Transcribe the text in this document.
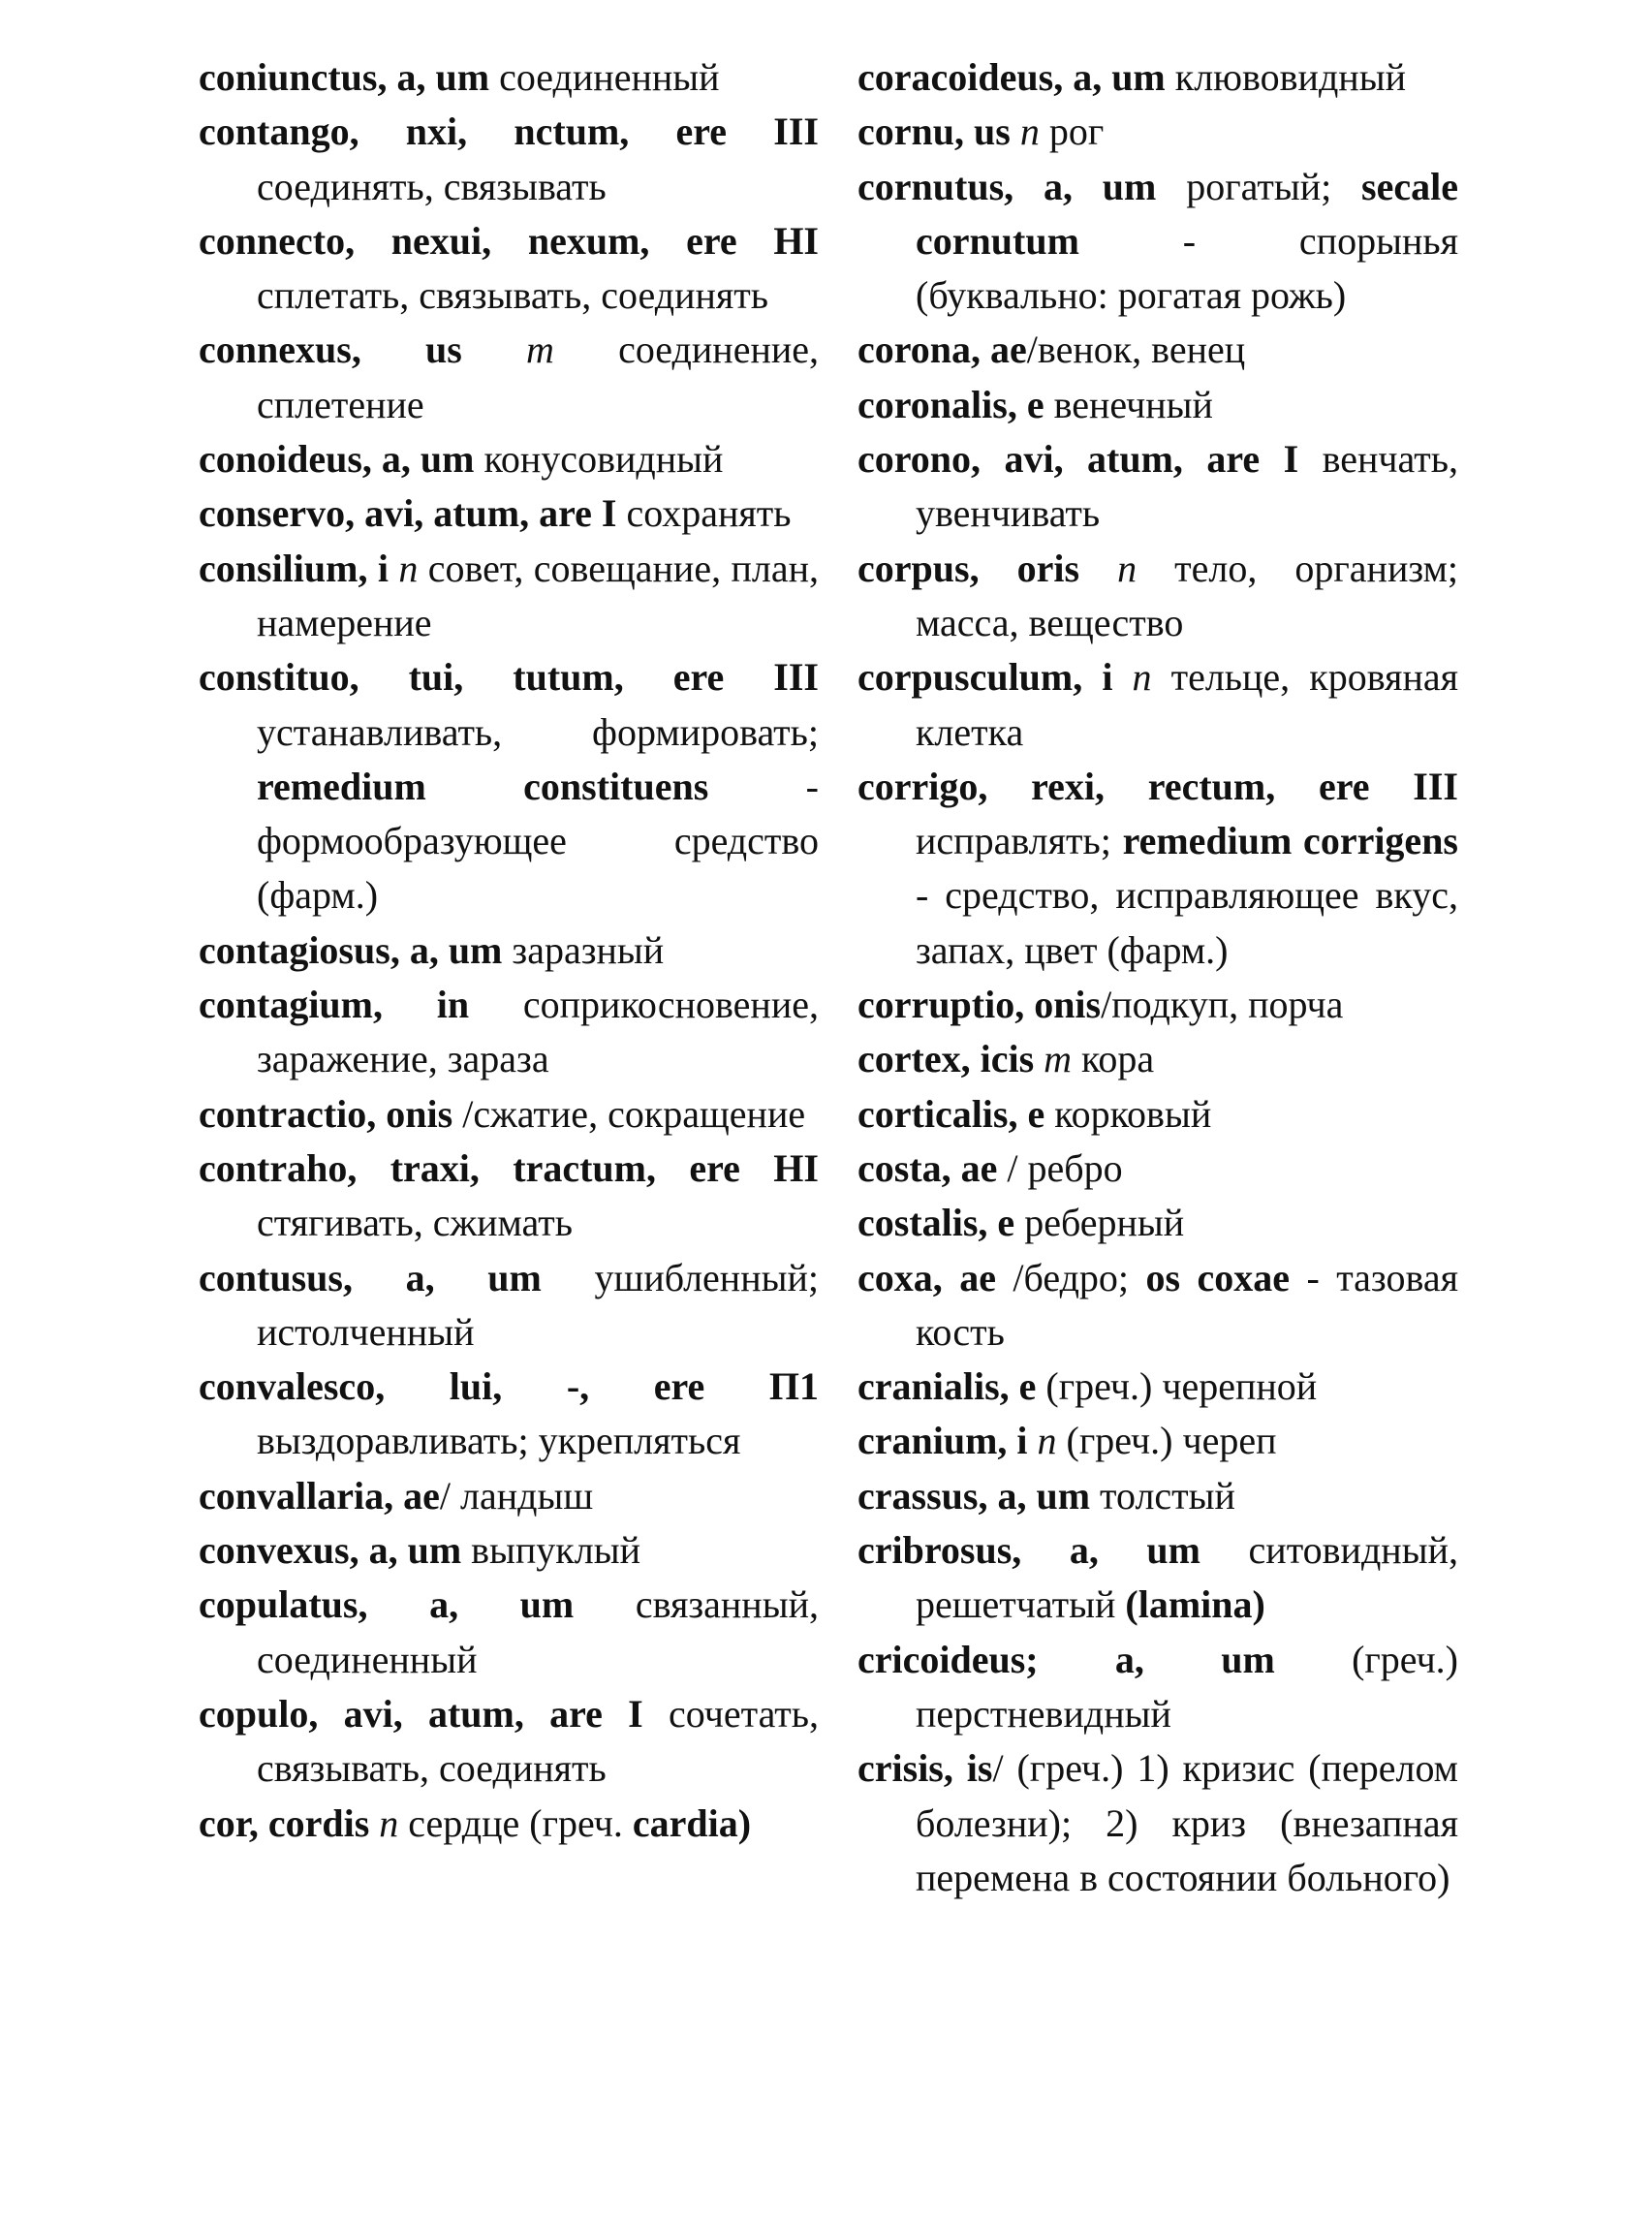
coniunctus, a, um соединенный

contango, nxi, nctum, ere III соединять, связывать

connecto, nexui, nexum, ere HI сплетать, связывать, соединять

connexus, us m соединение, сплетение

conoideus, a, um конусовидный

conservo, avi, atum, are I сохранять

consilium, i n совет, совещание, план, намерение

constituo, tui, tutum, ere III устанавливать, формировать; remedium constituens - формообразующее средство (фарм.)

contagiosus, a, um заразный

contagium, in соприкосновение, заражение, зараза

contractio, onis /сжатие, сокращение

contraho, traxi, tractum, ere HI стягивать, сжимать

contusus, a, um ушибленный; истолченный

convalesco, lui, -, ere П1 выздоравливать; укрепляться

convallaria, ae/ ландыш

convexus, a, um выпуклый

copulatus, a, um связанный, соединенный

copulo, avi, atum, are I сочетать, связывать, соединять

cor, cordis n сердце (греч. cardia)

coracoideus, a, um клювовидный

cornu, us n рог

cornutus, a, um рогатый; secale cornutum - спорынья (буквально: рогатая рожь)

corona, ae/венок, венец

coronalis, e венечный

corono, avi, atum, are I венчать, увенчивать

corpus, oris n тело, организм; масса, вещество

corpusculum, i n тельце, кровяная клетка

corrigo, rexi, rectum, ere III исправлять; remedium corrigens - средство, исправляющее вкус, запах, цвет (фарм.)

corruptio, onis/подкуп, порча

cortex, icis m кора

corticalis, e корковый

costa, ae / ребро

costalis, e реберный

coxa, ae /бедро; os coxae - тазовая кость

cranialis, e (греч.) черепной

cranium, i n (греч.) череп

crassus, a, um толстый

cribrosus, a, um ситовидный, решетчатый (lamina)

cricoideus; a, um (греч.) перстневидный

crisis, is/ (греч.) 1) кризис (перелом болезни); 2) криз (внезапная перемена в состоянии больного)
